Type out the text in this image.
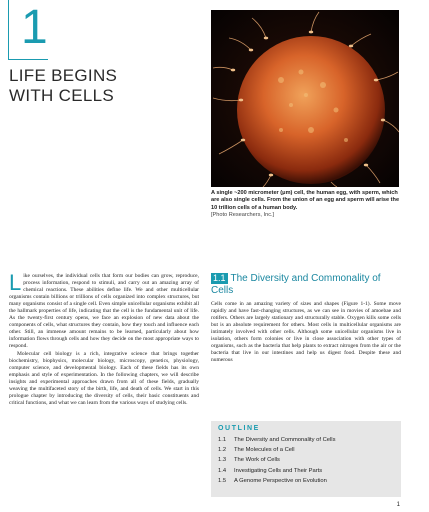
1
LIFE BEGINS
WITH CELLS
A single ~200 micrometer (μm) cell, the human egg, with sperm, which are also single cells. From the union of an egg and sperm will arise the 10 trillion cells of a human body.
[Photo Researchers, Inc.]

Like ourselves, the individual cells that form our bodies can grow, reproduce, process information, respond to stimuli, and carry out an amazing array of chemical reactions. These abilities define life. We and other multicellular organisms contain billions or trillions of cells organized into complex structures, but many organisms consist of a single cell. Even simple unicellular organisms exhibit all the hallmark properties of life, indicating that the cell is the fundamental unit of life. As the twenty-first century opens, we face an explosion of new data about the components of cells, what structures they contain, how they touch and influence each other. Still, an immense amount remains to be learned, particularly about how information flows through cells and how they decide on the most appropriate ways to respond.

Molecular cell biology is a rich, integrative science that brings together biochemistry, biophysics, molecular biology, microscopy, genetics, physiology, computer science, and developmental biology. Each of these fields has its own emphasis and style of experimentation. In the following chapters, we will describe insights and experimental approaches drawn from all of these fields, gradually weaving the multifaceted story of the birth, life, and death of cells. We start in this prologue chapter by introducing the diversity of cells, their basic constituents and critical functions, and what we can learn from the various ways of studying cells.

1.1 The Diversity and Commonality of Cells
Cells come in an amazing variety of sizes and shapes (Figure 1-1). Some move rapidly and have fast-changing structures, as we can see in movies of amoebae and rotifers. Others are largely stationary and structurally stable. Oxygen kills some cells but is an absolute requirement for others. Most cells in multicellular organisms are intimately involved with other cells. Although some unicellular organisms live in isolation, others form colonies or live in close association with other types of organisms, such as the bacteria that help plants to extract nitrogen from the air or the bacteria that live in our intestines and help us digest food. Despite these and numerous
OUTLINE
1.1 The Diversity and Commonality of Cells
1.2 The Molecules of a Cell
1.3 The Work of Cells
1.4 Investigating Cells and Their Parts
1.5 A Genome Perspective on Evolution
1
